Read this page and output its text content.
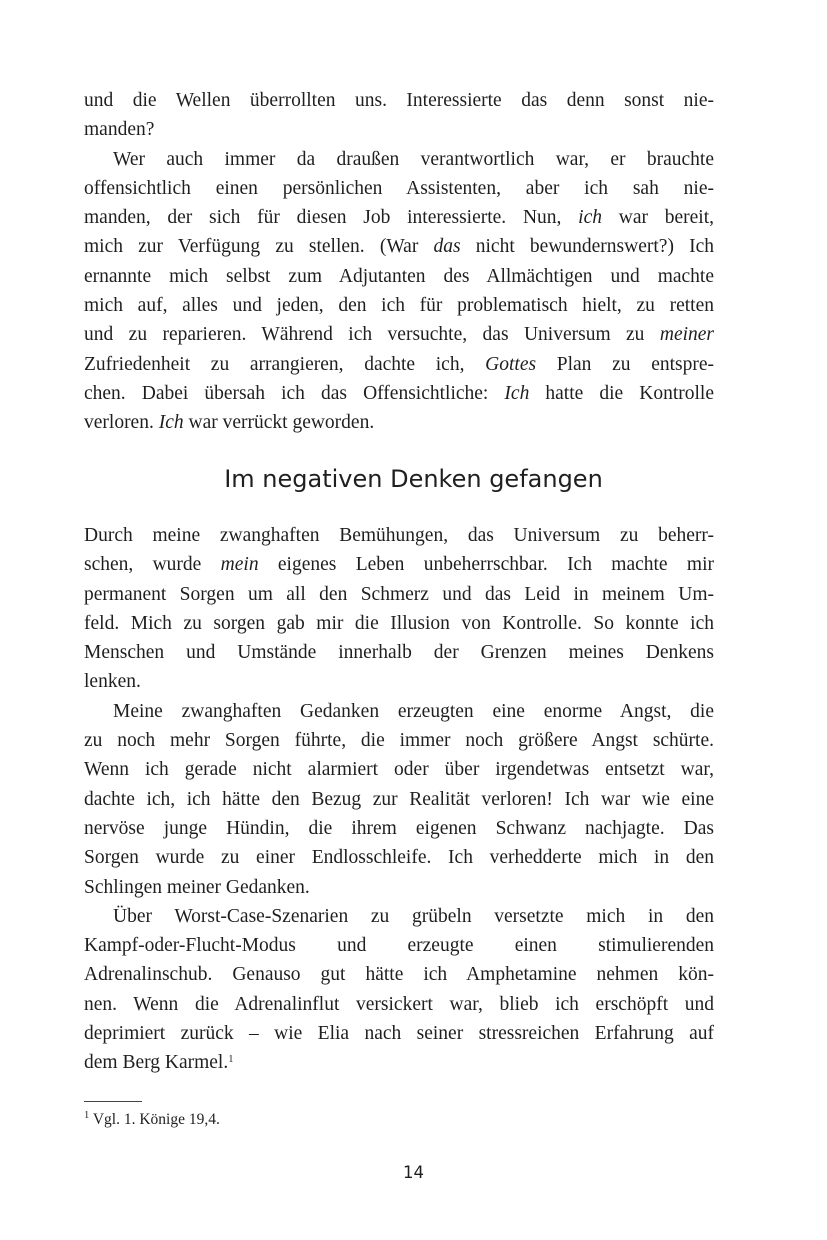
und die Wellen überrollten uns. Interessierte das denn sonst nie-
manden?

Wer auch immer da draußen verantwortlich war, er brauchte
offensichtlich einen persönlichen Assistenten, aber ich sah nie-
manden, der sich für diesen Job interessierte. Nun, ich war bereit,
mich zur Verfügung zu stellen. (War das nicht bewundernswert?) Ich
ernannte mich selbst zum Adjutanten des Allmächtigen und machte
mich auf, alles und jeden, den ich für problematisch hielt, zu retten
und zu reparieren. Während ich versuchte, das Universum zu meiner
Zufriedenheit zu arrangieren, dachte ich, Gottes Plan zu entspre-
chen. Dabei übersah ich das Offensichtliche: Ich hatte die Kontrolle
verloren. Ich war verrückt geworden.

Im negativen Denken gefangen

Durch meine zwanghaften Bemühungen, das Universum zu beherr-
schen, wurde mein eigenes Leben unbeherrschbar. Ich machte mir
permanent Sorgen um all den Schmerz und das Leid in meinem Um-
feld. Mich zu sorgen gab mir die Illusion von Kontrolle. So konnte ich
Menschen und Umstände innerhalb der Grenzen meines Denkens
lenken.

Meine zwanghaften Gedanken erzeugten eine enorme Angst, die
zu noch mehr Sorgen führte, die immer noch größere Angst schürte.
Wenn ich gerade nicht alarmiert oder über irgendetwas entsetzt war,
dachte ich, ich hätte den Bezug zur Realität verloren! Ich war wie eine
nervöse junge Hündin, die ihrem eigenen Schwanz nachjagte. Das
Sorgen wurde zu einer Endlosschleife. Ich verhedderte mich in den
Schlingen meiner Gedanken.

Über Worst-Case-Szenarien zu grübeln versetzte mich in den
Kampf-oder-Flucht-Modus und erzeugte einen stimulierenden
Adrenalinschub. Genauso gut hätte ich Amphetamine nehmen kön-
nen. Wenn die Adrenalinflut versickert war, blieb ich erschöpft und
deprimiert zurück – wie Elia nach seiner stressreichen Erfahrung auf
dem Berg Karmel.$^1$

$^1$ Vgl. 1. Könige 19,4.
14
